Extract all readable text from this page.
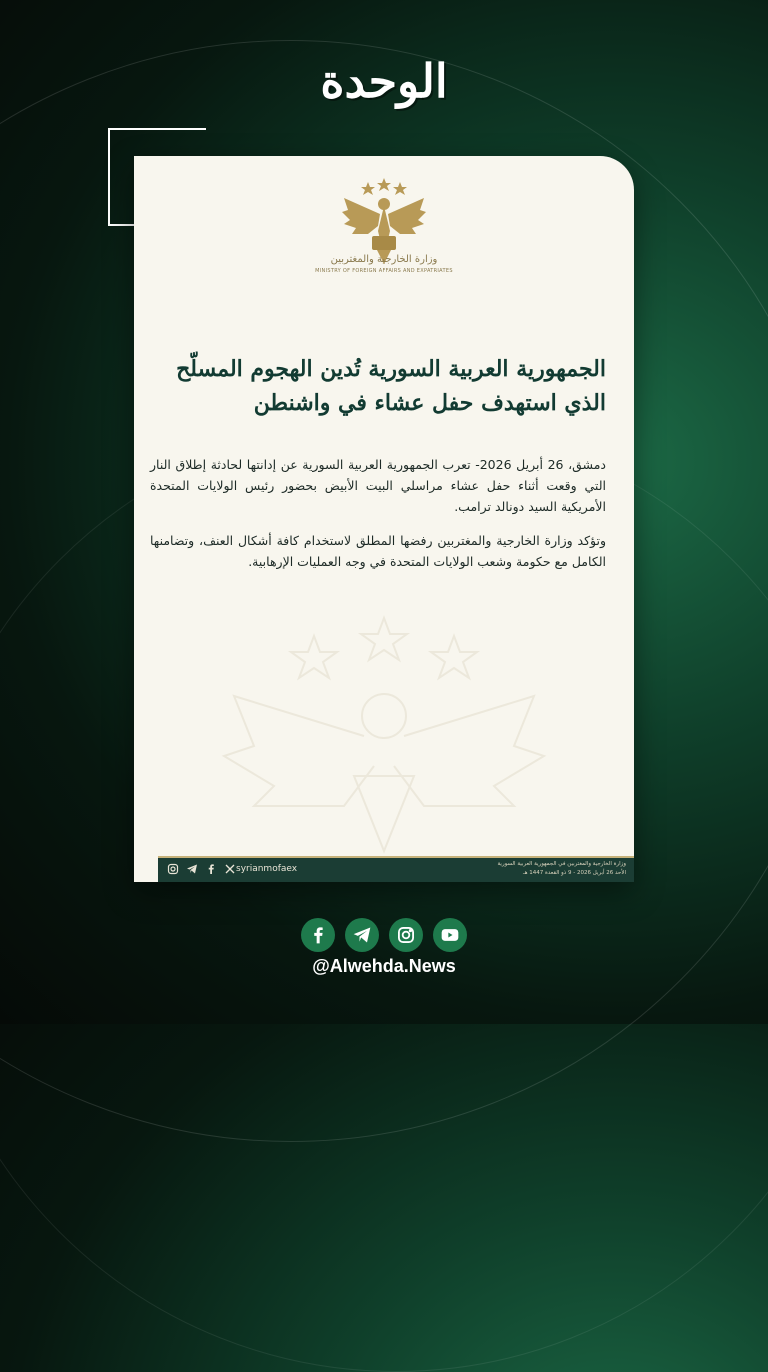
الوحدة
وزارة الخارجية والمغتربين
MINISTRY OF FOREIGN AFFAIRS AND EXPATRIATES
الجمهورية العربية السورية تُدين الهجوم المسلّح
الذي استهدف حفل عشاء في واشنطن

دمشق، 26 أبريل 2026- تعرب الجمهورية العربية السورية عن إدانتها لحادثة إطلاق النار التي وقعت أثناء حفل عشاء مراسلي البيت الأبيض بحضور رئيس الولايات المتحدة الأمريكية السيد دونالد ترامب.

وتؤكد وزارة الخارجية والمغتربين رفضها المطلق لاستخدام كافة أشكال العنف، وتضامنها الكامل مع حكومة وشعب الولايات المتحدة في وجه العمليات الإرهابية.

syrianmofaex	وزارة الخارجية والمغتربين في الجمهورية العربية السورية
الأحد 26 أبريل 2026 - 9 ذو القعدة 1447 هـ
@Alwehda.News
